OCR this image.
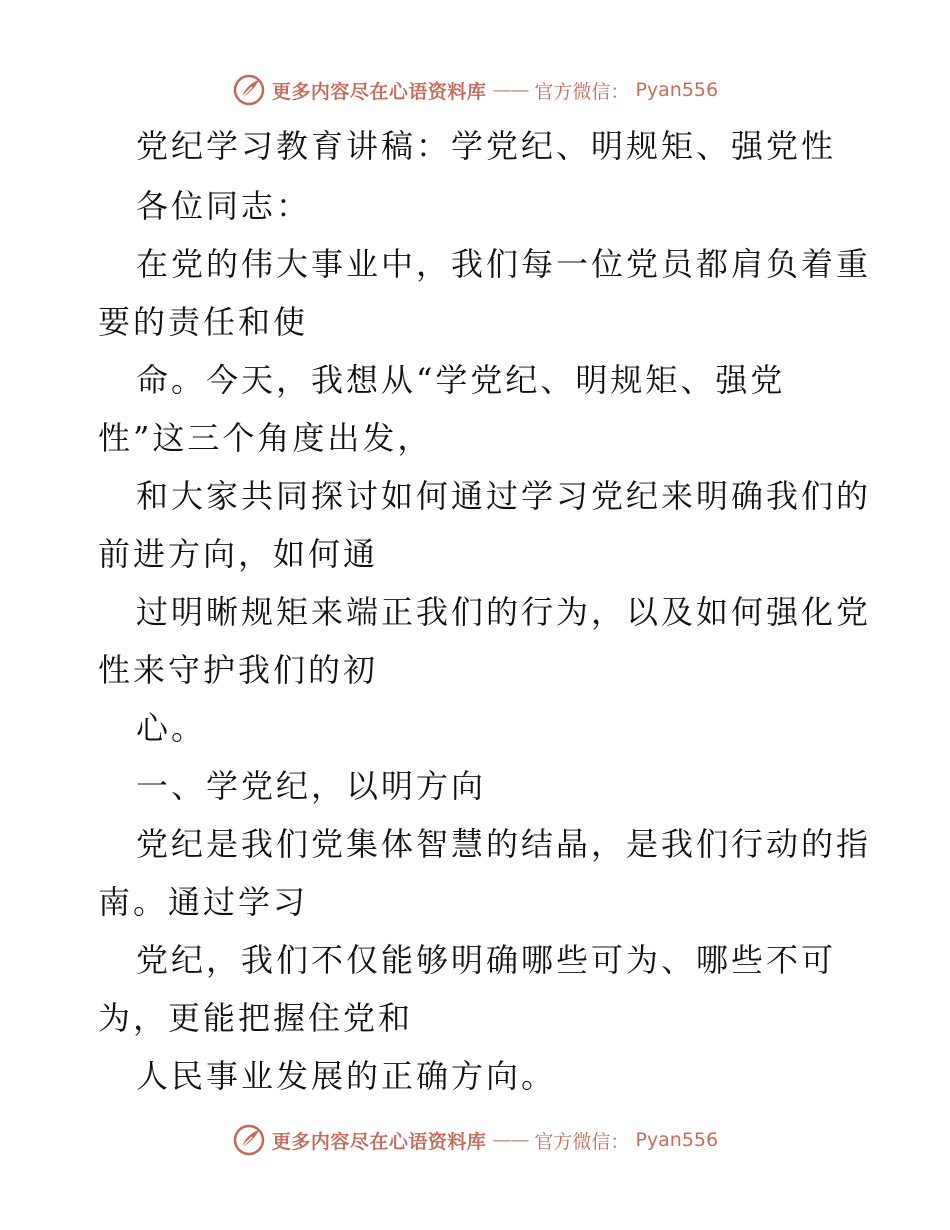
更多内容尽在心语资料库 —— 官方微信： Pyan556
党纪学习教育讲稿：学党纪、明规矩、强党性
各位同志：
在党的伟大事业中，我们每一位党员都肩负着重
要的责任和使
命。今天，我想从“学党纪、明规矩、强党
性”这三个角度出发，
和大家共同探讨如何通过学习党纪来明确我们的
前进方向，如何通
过明晰规矩来端正我们的行为，以及如何强化党
性来守护我们的初
心。
一、学党纪，以明方向
党纪是我们党集体智慧的结晶，是我们行动的指
南。通过学习
党纪，我们不仅能够明确哪些可为、哪些不可
为，更能把握住党和
人民事业发展的正确方向。
更多内容尽在心语资料库 —— 官方微信： Pyan556
